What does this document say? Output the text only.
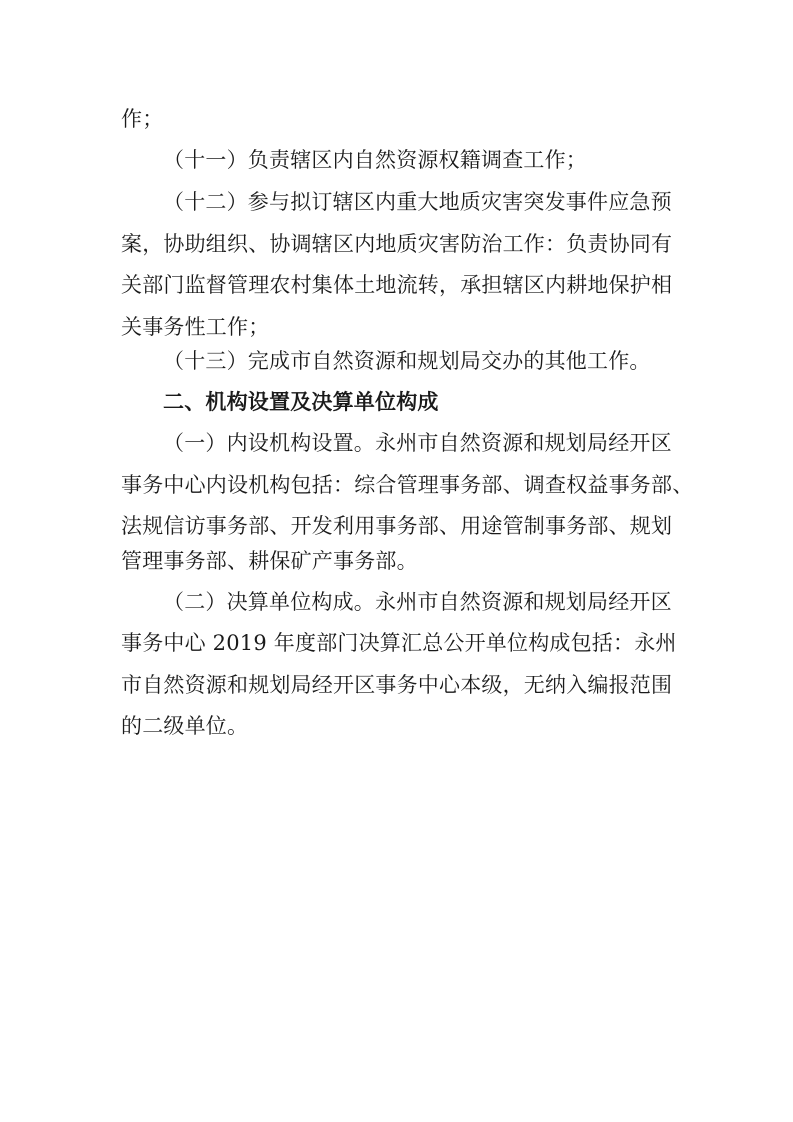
作；

（十一）负责辖区内自然资源权籍调查工作；

（十二）参与拟订辖区内重大地质灾害突发事件应急预

案，协助组织、协调辖区内地质灾害防治工作：负责协同有

关部门监督管理农村集体土地流转，承担辖区内耕地保护相

关事务性工作；

（十三）完成市自然资源和规划局交办的其他工作。

二、机构设置及决算单位构成

（一）内设机构设置。永州市自然资源和规划局经开区

事务中心内设机构包括：综合管理事务部、调查权益事务部、

法规信访事务部、开发利用事务部、用途管制事务部、规划

管理事务部、耕保矿产事务部。

（二）决算单位构成。永州市自然资源和规划局经开区

事务中心 2019 年度部门决算汇总公开单位构成包括：永州

市自然资源和规划局经开区事务中心本级，无纳入编报范围

的二级单位。
